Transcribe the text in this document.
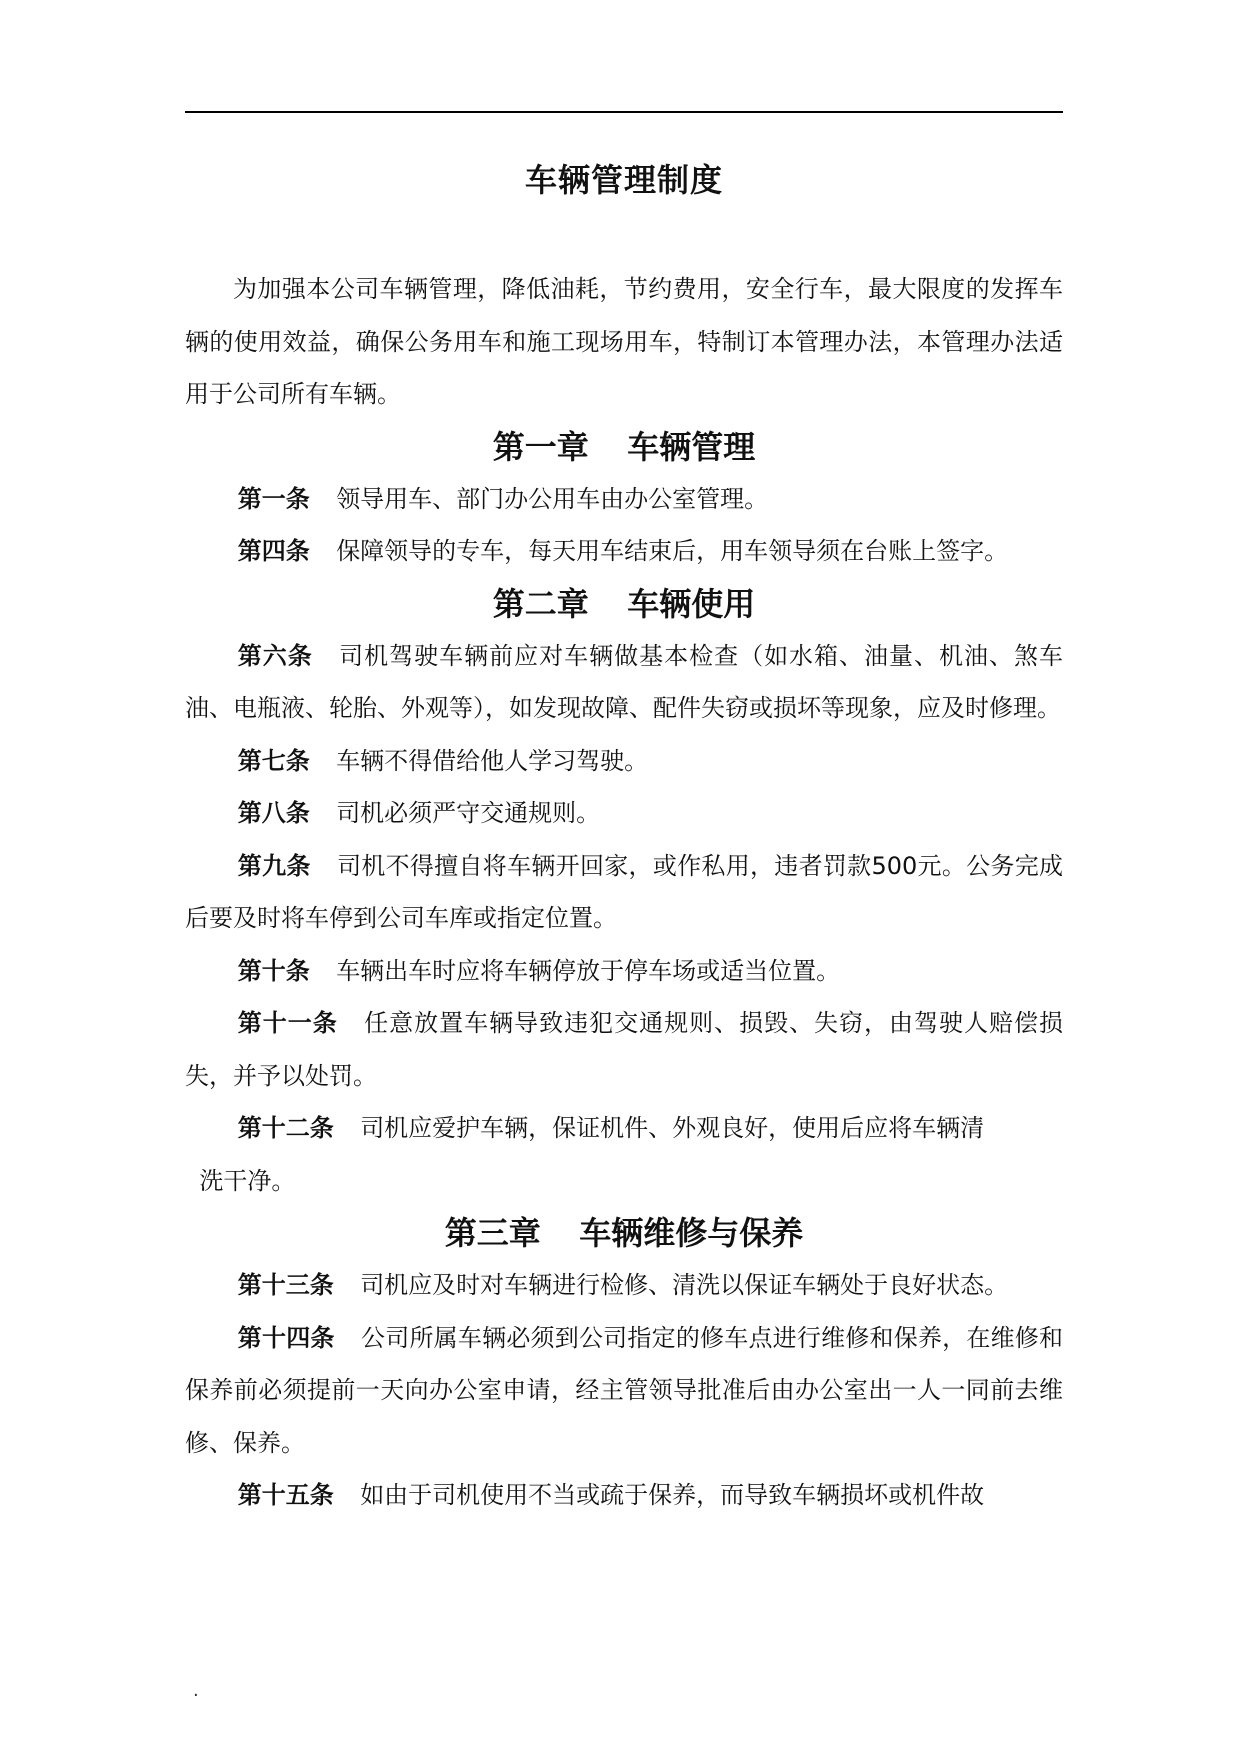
车辆管理制度

为加强本公司车辆管理，降低油耗，节约费用，安全行车，最大限度的发挥车辆的使用效益，确保公务用车和施工现场用车，特制订本管理办法，本管理办法适用于公司所有车辆。

第一章 车辆管理

第一条 领导用车、部门办公用车由办公室管理。

第四条 保障领导的专车，每天用车结束后，用车领导须在台账上签字。

第二章 车辆使用

第六条 司机驾驶车辆前应对车辆做基本检查（如水箱、油量、机油、煞车油、电瓶液、轮胎、外观等），如发现故障、配件失窃或损坏等现象，应及时修理。

第七条 车辆不得借给他人学习驾驶。

第八条 司机必须严守交通规则。

第九条 司机不得擅自将车辆开回家，或作私用，违者罚款500元。公务完成后要及时将车停到公司车库或指定位置。

第十条 车辆出车时应将车辆停放于停车场或适当位置。

第十一条 任意放置车辆导致违犯交通规则、损毁、失窃，由驾驶人赔偿损失，并予以处罚。

第十二条 司机应爱护车辆，保证机件、外观良好，使用后应将车辆清
洗干净。

第三章 车辆维修与保养

第十三条 司机应及时对车辆进行检修、清洗以保证车辆处于良好状态。

第十四条 公司所属车辆必须到公司指定的修车点进行维修和保养，在维修和保养前必须提前一天向办公室申请，经主管领导批准后由办公室出一人一同前去维修、保养。

第十五条 如由于司机使用不当或疏于保养，而导致车辆损坏或机件故

.
